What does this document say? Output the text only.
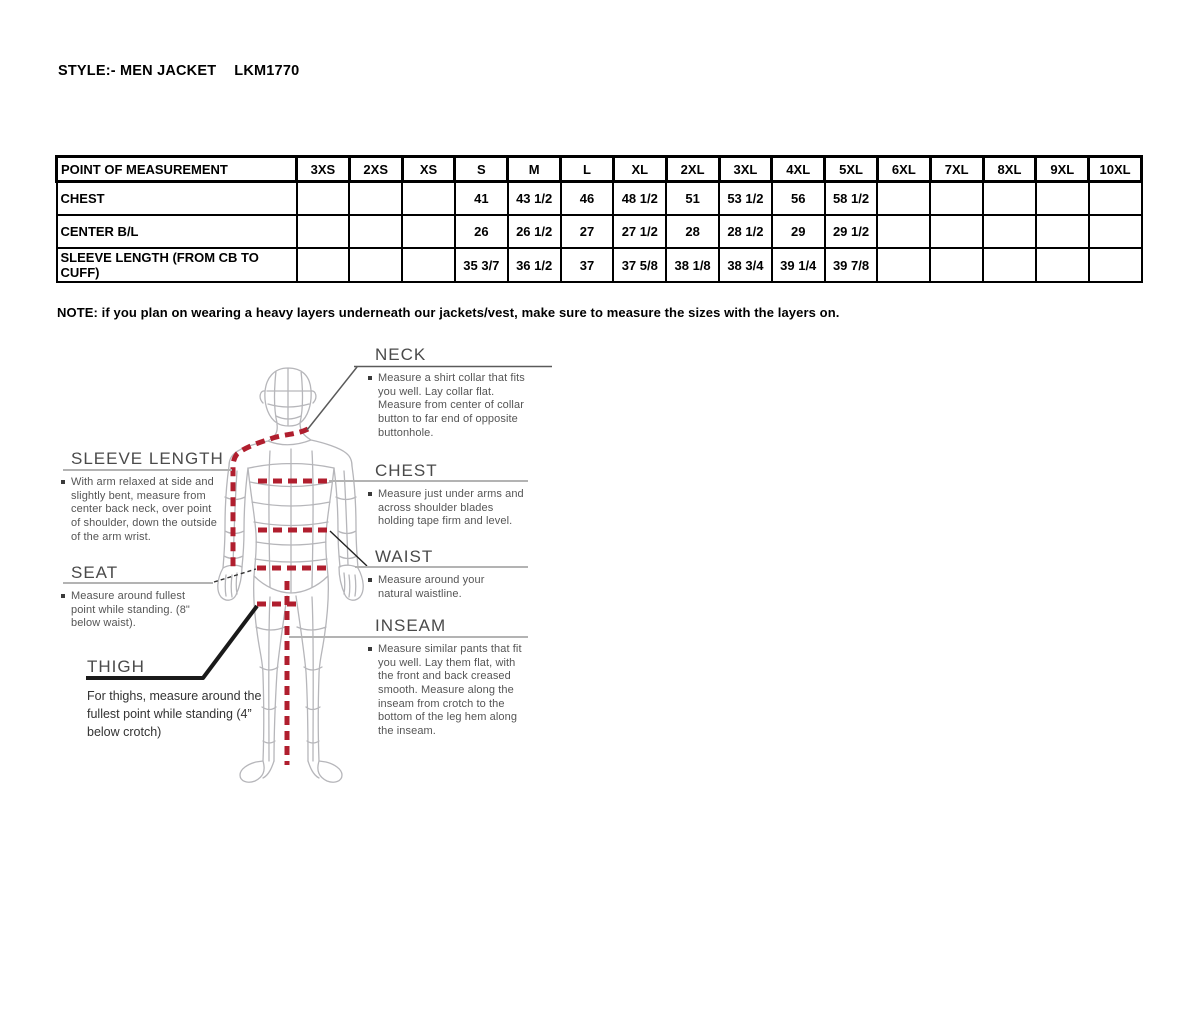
STYLE:- MEN JACKET LKM1770
POINT OF MEASUREMENT	3XS	2XS	XS	S	M	L	XL	2XL	3XL	4XL	5XL	6XL	7XL	8XL	9XL	10XL
CHEST				41	43 1/2	46	48 1/2	51	53 1/2	56	58 1/2					
CENTER B/L				26	26 1/2	27	27 1/2	28	28 1/2	29	29 1/2					
SLEEVE LENGTH (FROM CB TO CUFF)				35 3/7	36 1/2	37	37 5/8	38 1/8	38 3/4	39 1/4	39 7/8					
NOTE: if you plan on wearing a heavy layers underneath our jackets/vest, make sure to measure the sizes with the layers on.
NECK
Measure a shirt collar that fits you well. Lay collar flat. Measure from center of collar button to far end of opposite buttonhole.
CHEST
Measure just under arms and across shoulder blades holding tape firm and level.
WAIST
Measure around your natural waistline.
INSEAM
Measure similar pants that fit you well. Lay them flat, with the front and back creased smooth. Measure along the inseam from crotch to the bottom of the leg hem along the inseam.
SLEEVE LENGTH
With arm relaxed at side and slightly bent, measure from center back neck, over point of shoulder, down the outside of the arm wrist.
SEAT
Measure around fullest point while standing. (8" below waist).
THIGH
For thighs, measure around the fullest point while standing (4” below crotch)
